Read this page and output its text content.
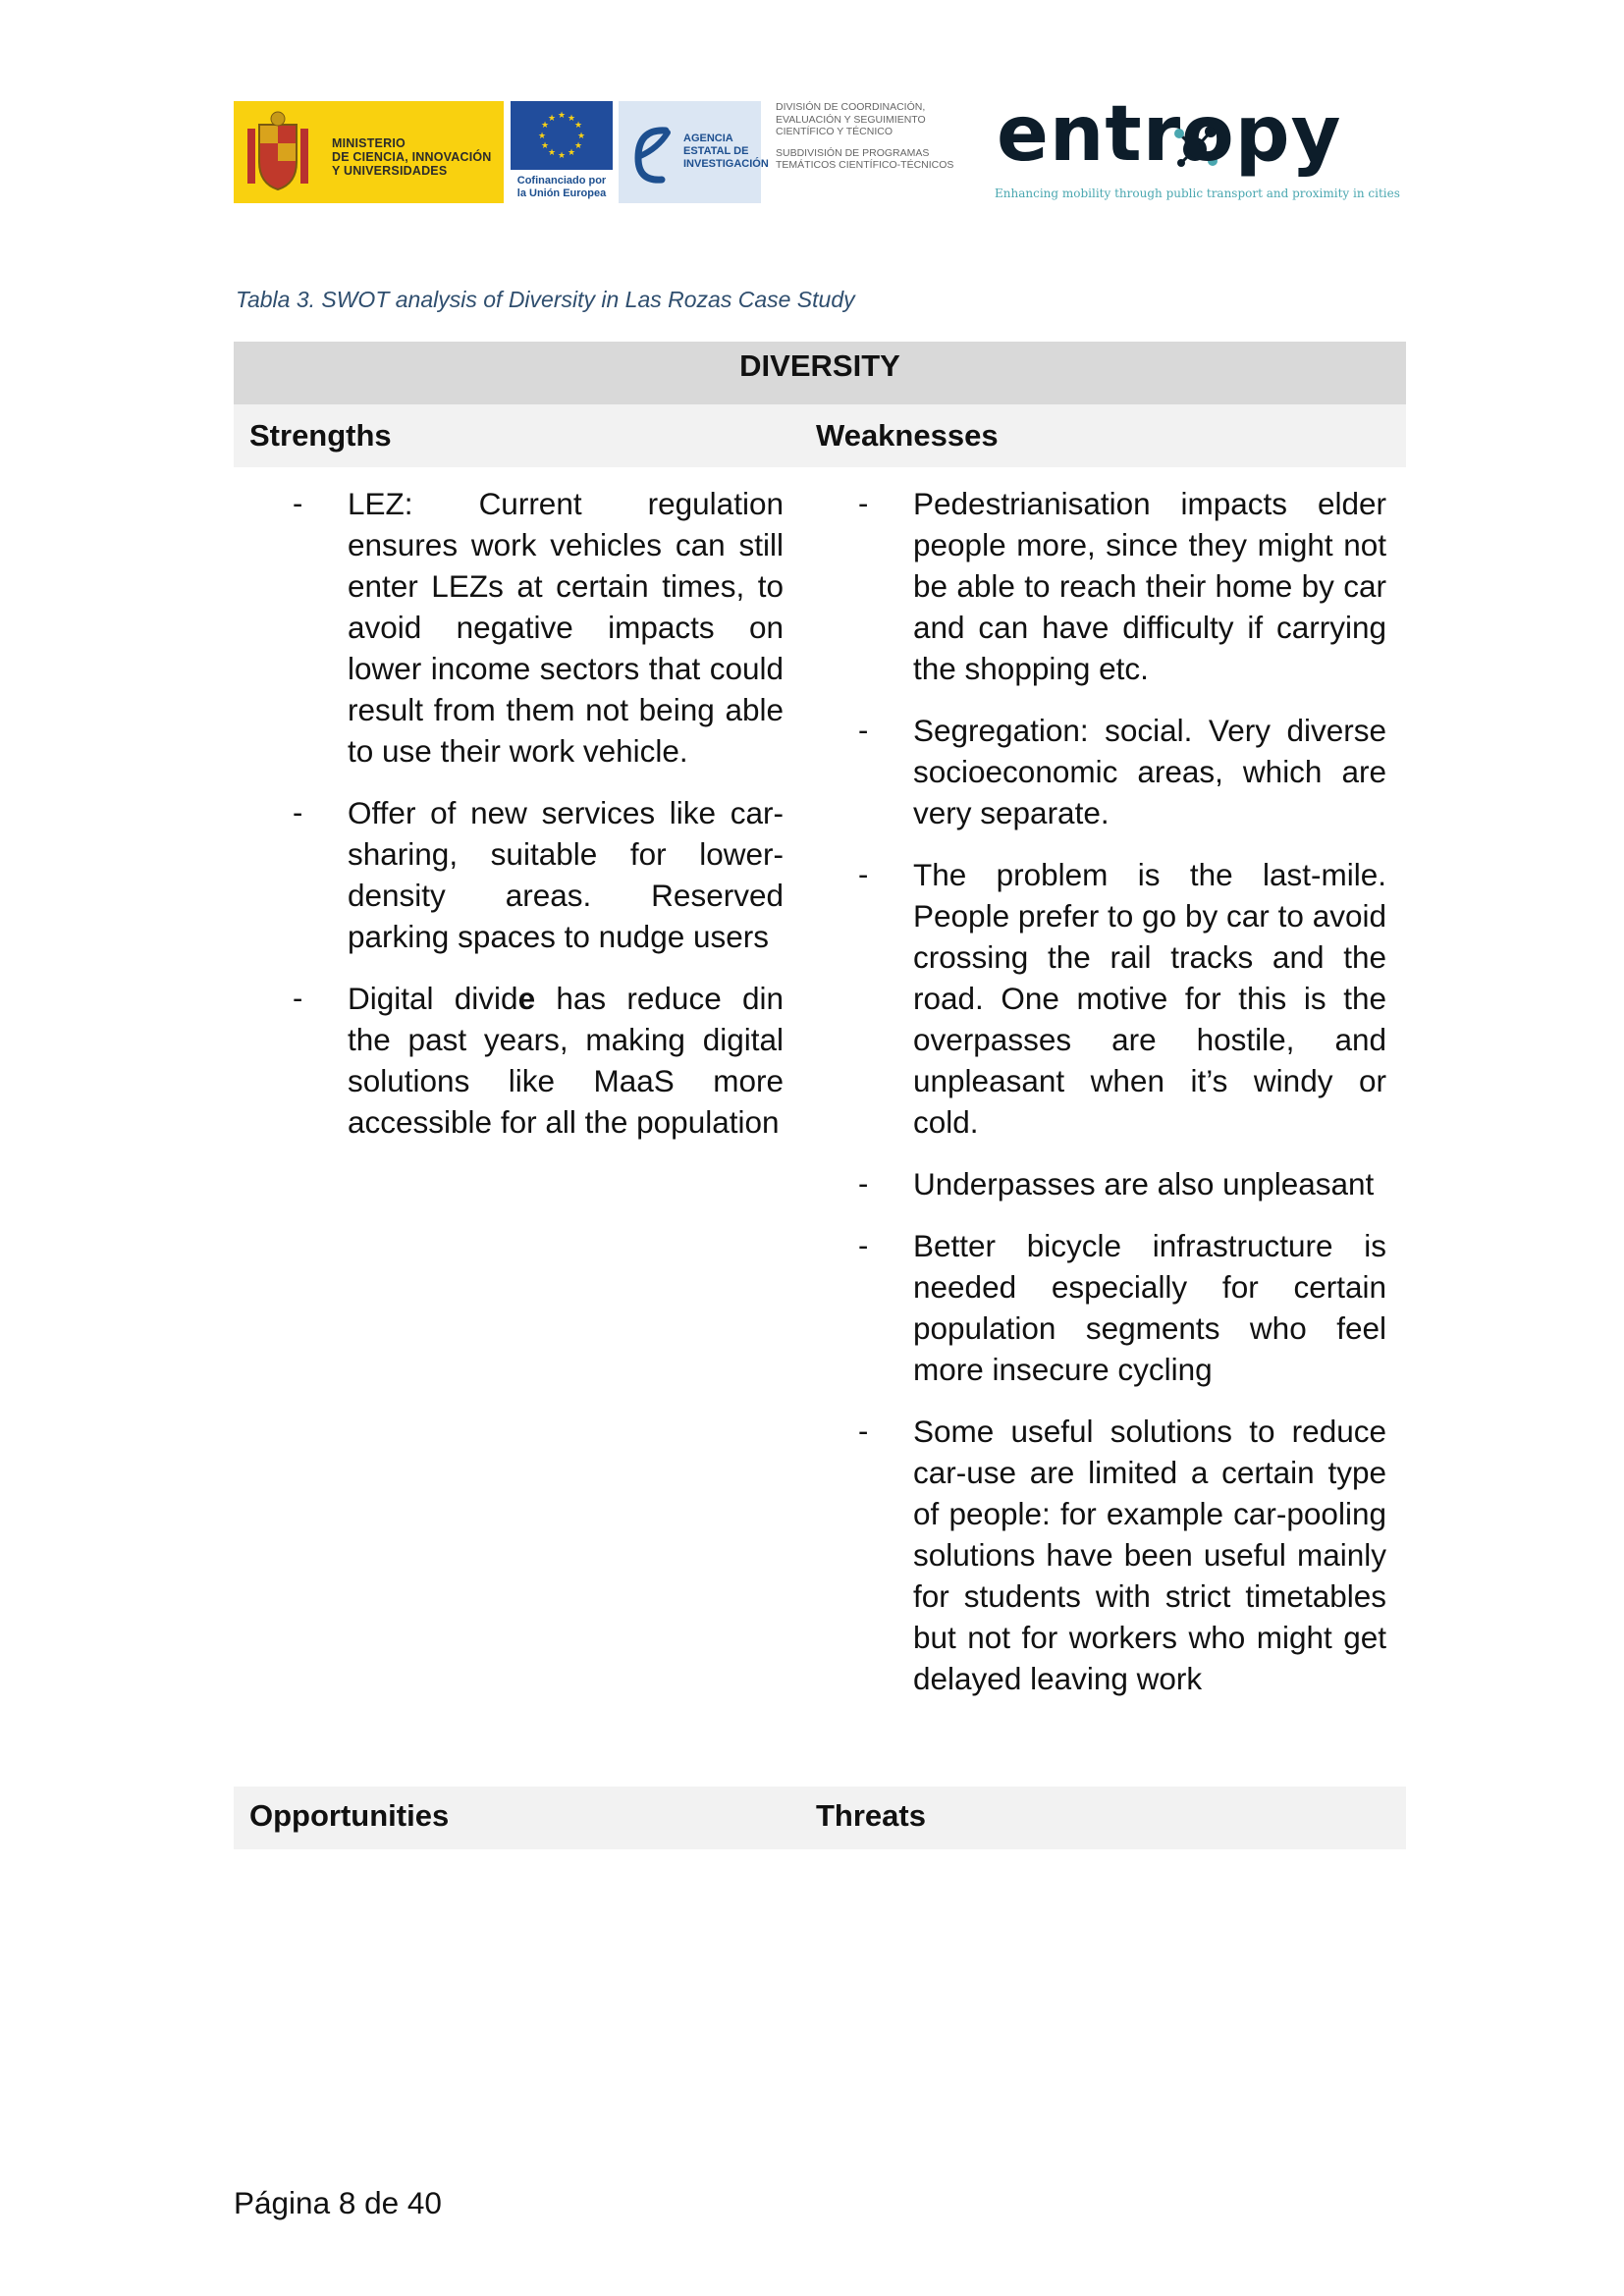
MINISTERIO
DE CIENCIA, INNOVACIÓN
Y UNIVERSIDADES
★ ★
★
★
★
★
★
★
★
★
★
★
Cofinanciado por
la Unión Europea
AGENCIA
ESTATAL DE
INVESTIGACIÓN
DIVISIÓN DE COORDINACIÓN,
EVALUACIÓN Y SEGUIMIENTO
CIENTÍFICO Y TÉCNICO
SUBDIVISIÓN DE PROGRAMAS
TEMÁTICOS CIENTÍFICO-TÉCNICOS entropy
Enhancing mobility through public transport and proximity in cities
Tabla 3. SWOT analysis of Diversity in Las Rozas Case Study
DIVERSITY
Strengths	Weaknesses
- LEZ: Current regulation ensures work vehicles can still enter LEZs at certain times, to avoid negative impacts on lower income sectors that could result from them not being able to use their work vehicle.
- Offer of new services like car-sharing, suitable for lower-density areas. Reserved parking spaces to nudge users
- Digital divide has reduce din the past years, making digital solutions like MaaS more accessible for all the population
- Pedestrianisation impacts elder people more, since they might not be able to reach their home by car and can have difficulty if carrying the shopping etc.
- Segregation: social. Very diverse socioeconomic areas, which are very separate.
- The problem is the last-mile. People prefer to go by car to avoid crossing the rail tracks and the road. One motive for this is the overpasses are hostile, and unpleasant when it’s windy or cold.
- Underpasses are also unpleasant
- Better bicycle infrastructure is needed especially for certain population segments who feel more insecure cycling
- Some useful solutions to reduce car-use are limited a certain type of people: for example car-pooling solutions have been useful mainly for students with strict timetables but not for workers who might get delayed leaving work
Opportunities	Threats
Página 8 de 40
